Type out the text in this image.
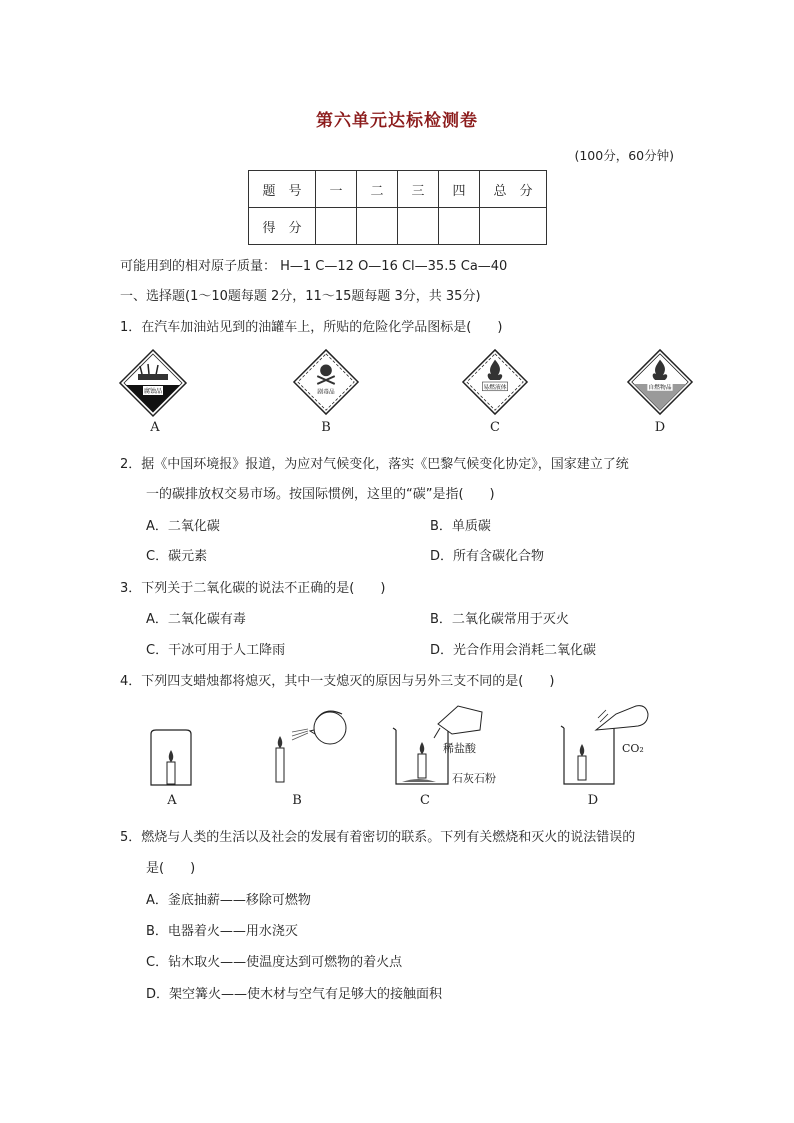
第六单元达标检测卷
(100分，60分钟)
题　号	一	二	三	四	总　分
得　分					
可能用到的相对原子质量： H—1 C—12 O—16 Cl—35.5 Ca—40
一、选择题(1～10题每题 2分，11～15题每题 3分，共 35分)
1．在汽车加油站见到的油罐车上，所贴的危险化学品图标是(　　)
腐蚀品	剧毒品
易燃液体	自燃物品
A	B	C	D
2．据《中国环境报》报道，为应对气候变化，落实《巴黎气候变化协定》，国家建立了统
一的碳排放权交易市场。按国际惯例，这里的“碳”是指(　　)
A．二氧化碳	B．单质碳
C．碳元素	D．所有含碳化合物
3．下列关于二氧化碳的说法不正确的是(　　)
A．二氧化碳有毒	B．二氧化碳常用于灭火
C．干冰可用于人工降雨	D．光合作用会消耗二氧化碳
4．下列四支蜡烛都将熄灭，其中一支熄灭的原因与另外三支不同的是(　　)
稀盐酸
石灰石粉
CO₂
A	B	C	D
5．燃烧与人类的生活以及社会的发展有着密切的联系。下列有关燃烧和灭火的说法错误的
是(　　)
A．釜底抽薪——移除可燃物
B．电器着火——用水浇灭
C．钻木取火——使温度达到可燃物的着火点
D．架空篝火——使木材与空气有足够大的接触面积
